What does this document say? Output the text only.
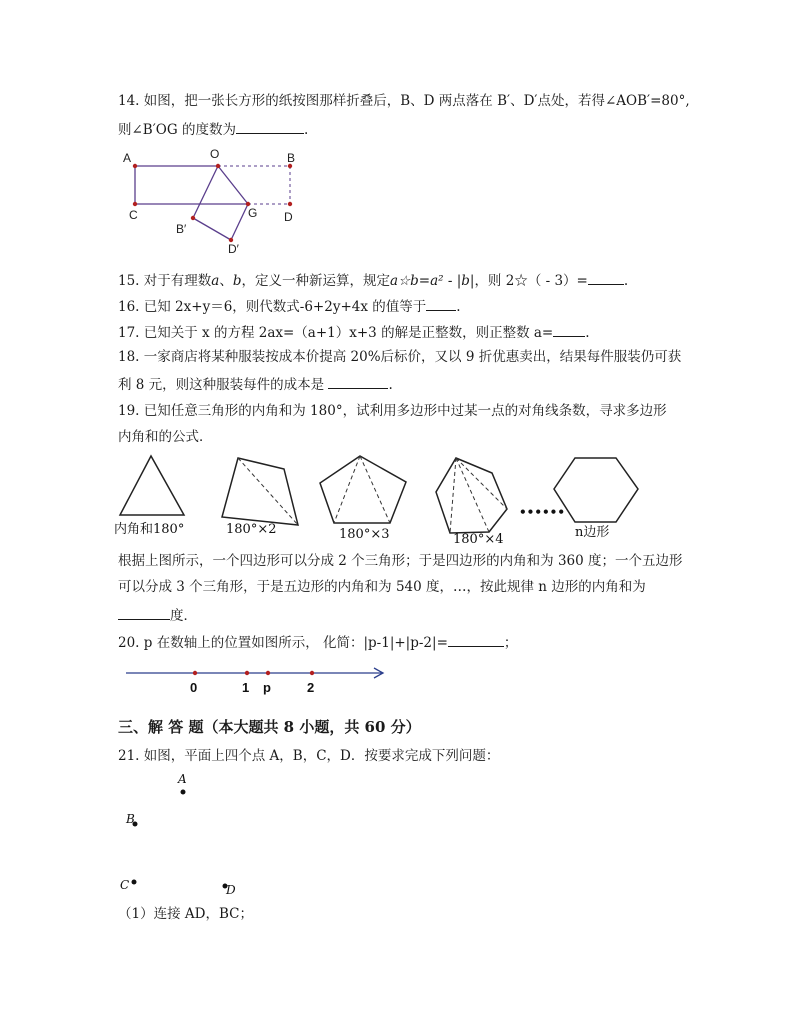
14. 如图，把一张长方形的纸按图那样折叠后，B、D 两点落在 B′、D′点处，若得∠AOB′=80°,
则∠B′OG 的度数为	.
A	O	B
C	G D
B′
D′
15. 对于有理数a、b，定义一种新运算，规定a☆b=a² - |b|，则 2☆（ - 3）=	.
16. 已知 2x+y＝6，则代数式-6+2y+4x 的值等于 .
17. 已知关于 x 的方程 2ax=（a+1）x+3 的解是正整数，则正整数 a= .
18. 一家商店将某种服装按成本价提高 20%后标价，又以 9 折优惠卖出，结果每件服装仍可获
利 8 元，则这种服装每件的成本是	.
19. 已知任意三角形的内角和为 180°，试利用多边形中过某一点的对角线条数，寻求多边形
内角和的公式．
内角和180°	180°×2	180°×3	180°×4	n边形
••••••
根据上图所示，一个四边形可以分成 2 个三角形；于是四边形的内角和为 360 度；一个五边形
可以分成 3 个三角形，于是五边形的内角和为 540 度，…，按此规律 n 边形的内角和为
度．
20. p 在数轴上的位置如图所示， 化简：|p-1|+|p-2|=	；
0	1 p	2
三、解 答 题（本大题共 8 小题，共 60 分）
21. 如图，平面上四个点 A，B，C，D．按要求完成下列问题：
A
B
C	D
（1）连接 AD，BC；
